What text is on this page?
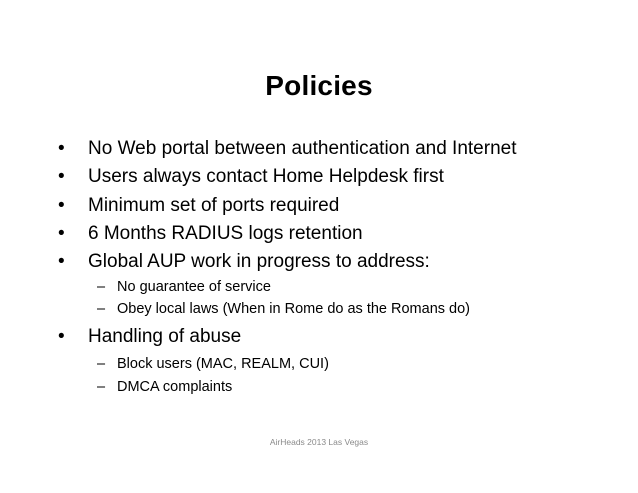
Policies
•	No Web portal between authentication and Internet
•	Users always contact Home Helpdesk first
•	Minimum set of ports required
•	6 Months RADIUS logs retention
•	Global AUP work in progress to address:
– No guarantee of service
– Obey local laws (When in Rome do as the Romans do)
•	Handling of abuse
– Block users (MAC, REALM, CUI)
– DMCA complaints
AirHeads 2013 Las Vegas
